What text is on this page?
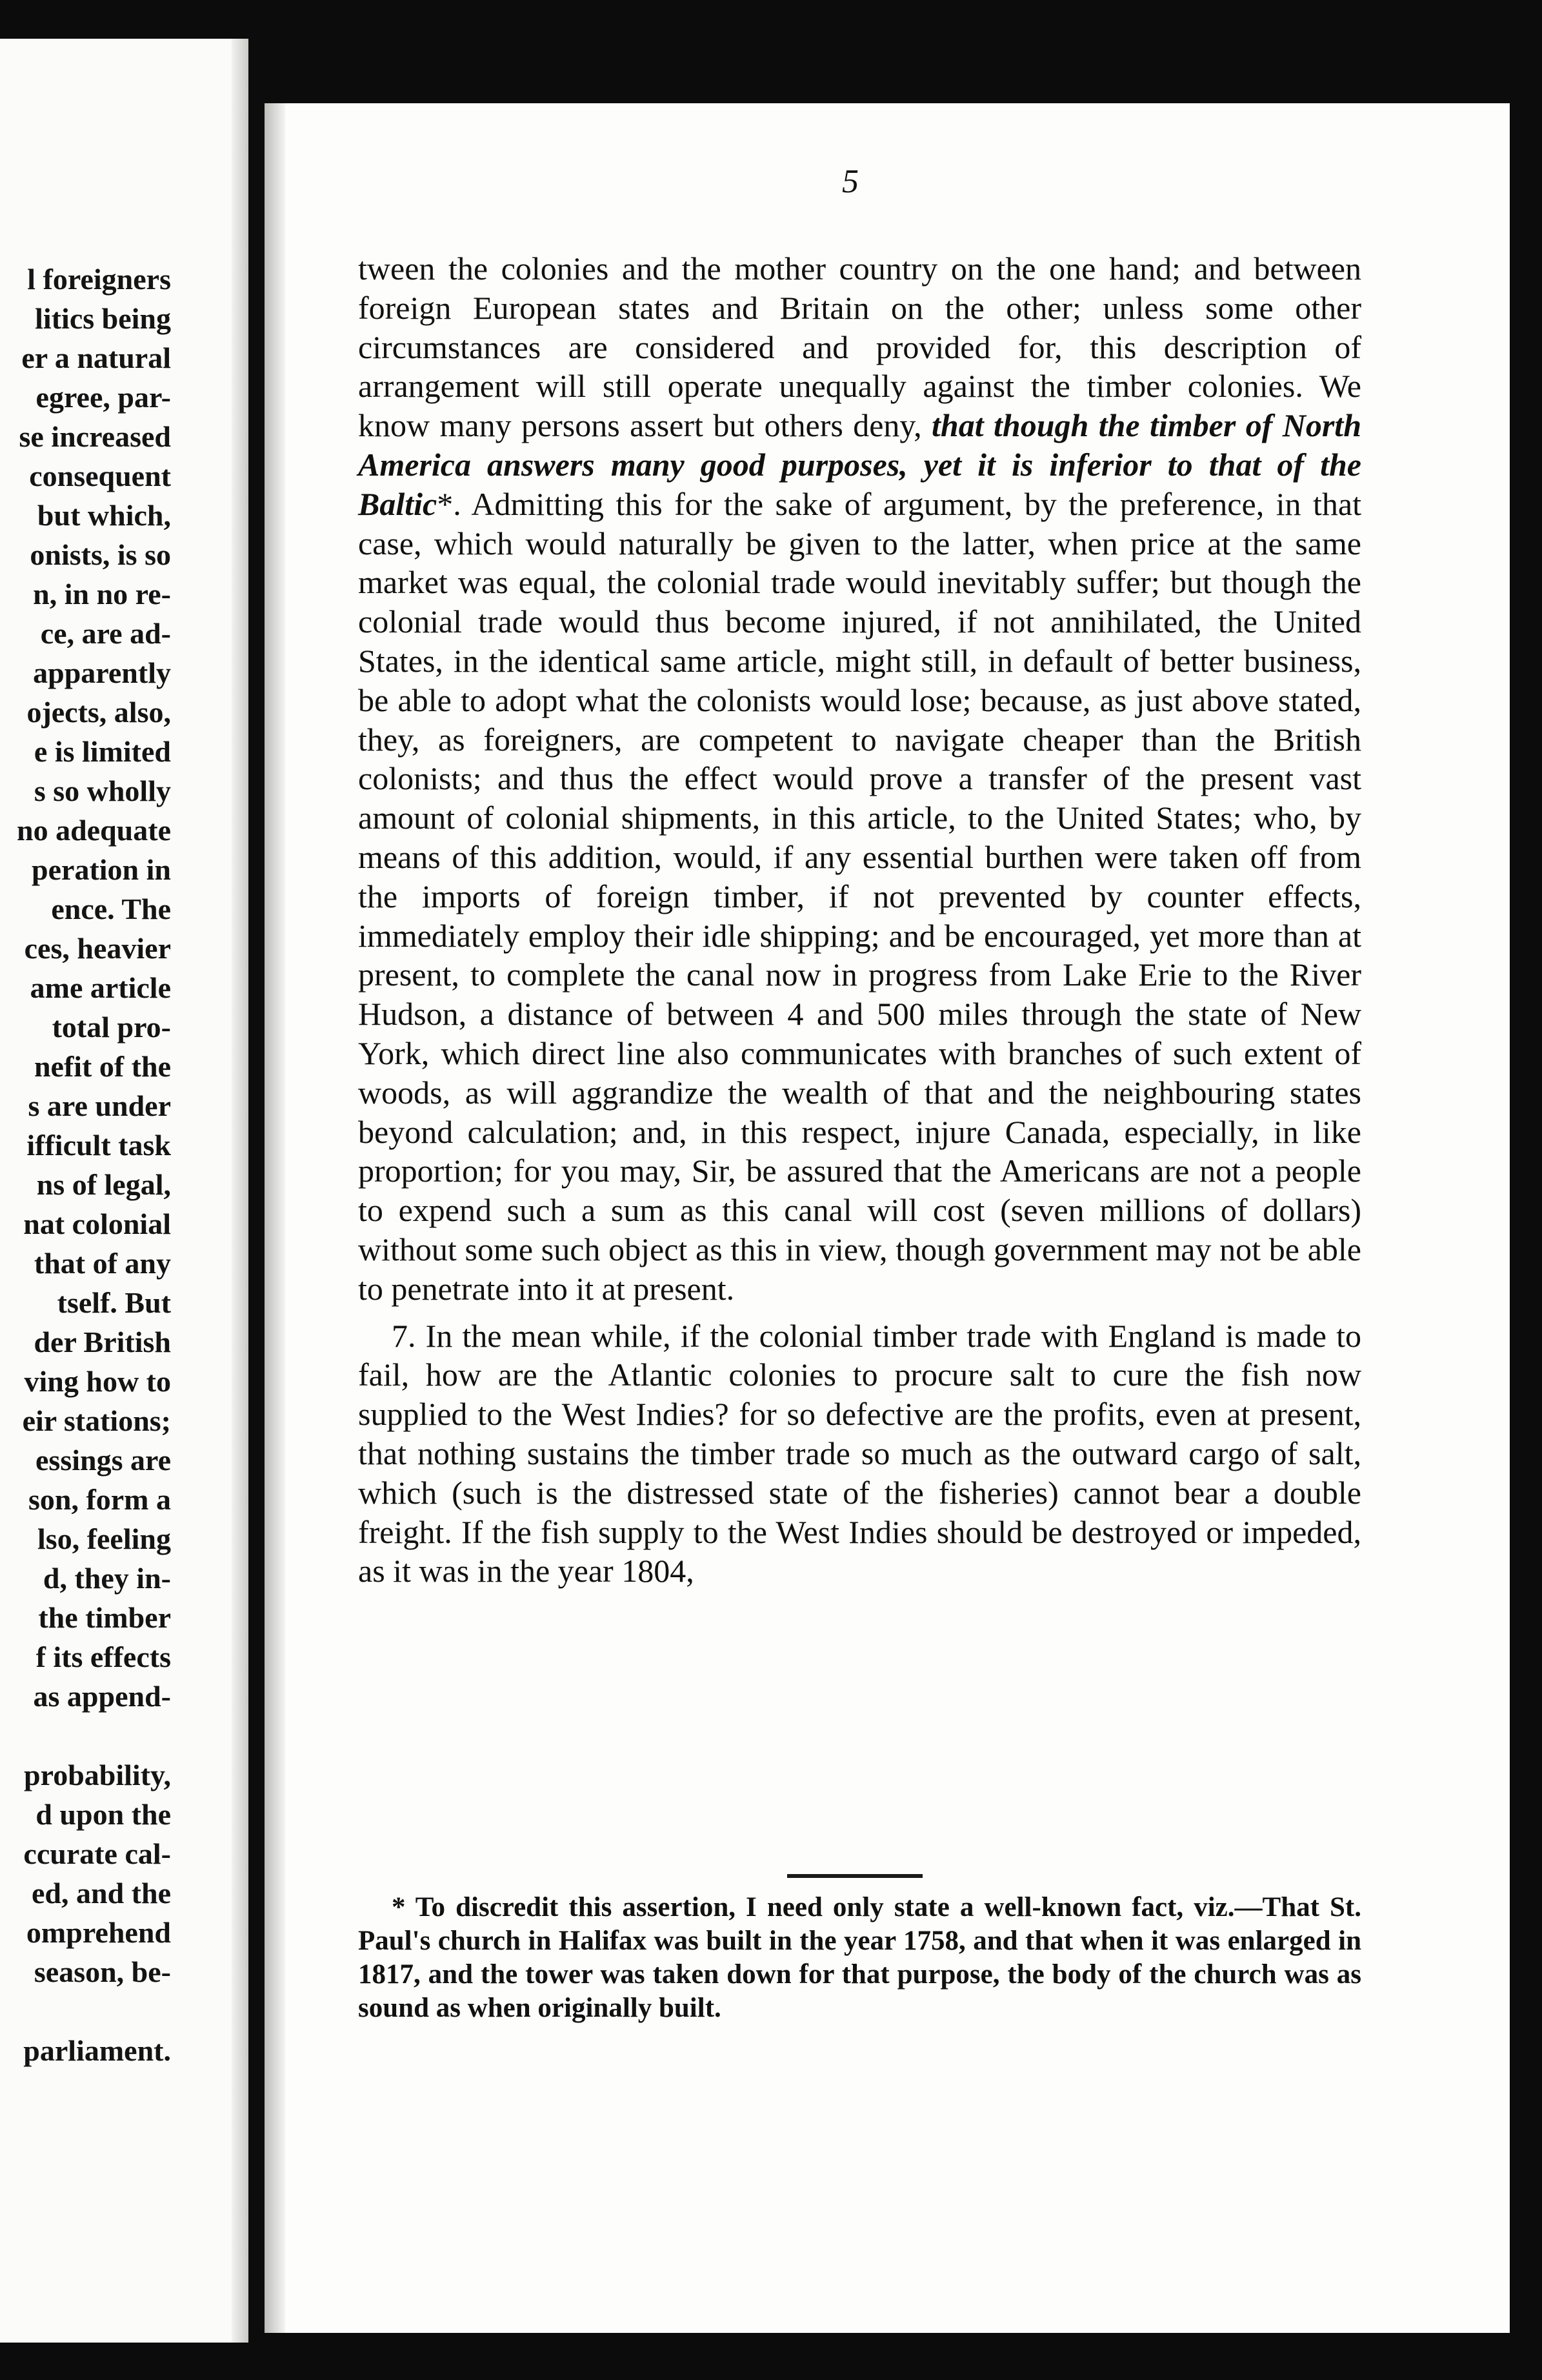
l foreigners
litics being
er a natural
egree, par-
se increased
consequent
but which,
onists, is so
n, in no re-
ce, are ad-
apparently
ojects, also,
e is limited
s so wholly
no adequate
peration in
ence. The
ces, heavier
ame article
total pro-
nefit of the
s are under
ifficult task
ns of legal,
nat colonial
that of any
tself. But
der British
ving how to
eir stations;
essings are
son, form a
lso, feeling
d, they in-
the timber
f its effects
as append-
probability,
d upon the
ccurate cal-
ed, and the
omprehend
season, be-
parliament.
5

tween the colonies and the mother country on the one hand; and between foreign European states and Britain on the other; unless some other circumstances are considered and provided for, this description of arrangement will still operate unequally against the timber colonies. We know many persons assert but others deny, that though the timber of North America answers many good purposes, yet it is inferior to that of the Baltic*. Admitting this for the sake of argument, by the preference, in that case, which would naturally be given to the latter, when price at the same market was equal, the colonial trade would inevitably suffer; but though the colonial trade would thus become injured, if not annihilated, the United States, in the identical same article, might still, in default of better business, be able to adopt what the colonists would lose; because, as just above stated, they, as foreigners, are competent to navigate cheaper than the British colonists; and thus the effect would prove a transfer of the present vast amount of colonial shipments, in this article, to the United States; who, by means of this addition, would, if any essential burthen were taken off from the imports of foreign timber, if not prevented by counter effects, immediately employ their idle shipping; and be encouraged, yet more than at present, to complete the canal now in progress from Lake Erie to the River Hudson, a distance of between 4 and 500 miles through the state of New York, which direct line also communicates with branches of such extent of woods, as will aggrandize the wealth of that and the neighbouring states beyond calculation; and, in this respect, injure Canada, especially, in like proportion; for you may, Sir, be assured that the Americans are not a people to expend such a sum as this canal will cost (seven millions of dollars) without some such object as this in view, though government may not be able to penetrate into it at present.

7. In the mean while, if the colonial timber trade with England is made to fail, how are the Atlantic colonies to procure salt to cure the fish now supplied to the West Indies? for so defective are the profits, even at present, that nothing sustains the timber trade so much as the outward cargo of salt, which (such is the distressed state of the fisheries) cannot bear a double freight. If the fish supply to the West Indies should be destroyed or impeded, as it was in the year 1804,

* To discredit this assertion, I need only state a well-known fact, viz.—That St. Paul's church in Halifax was built in the year 1758, and that when it was enlarged in 1817, and the tower was taken down for that purpose, the body of the church was as sound as when originally built.
